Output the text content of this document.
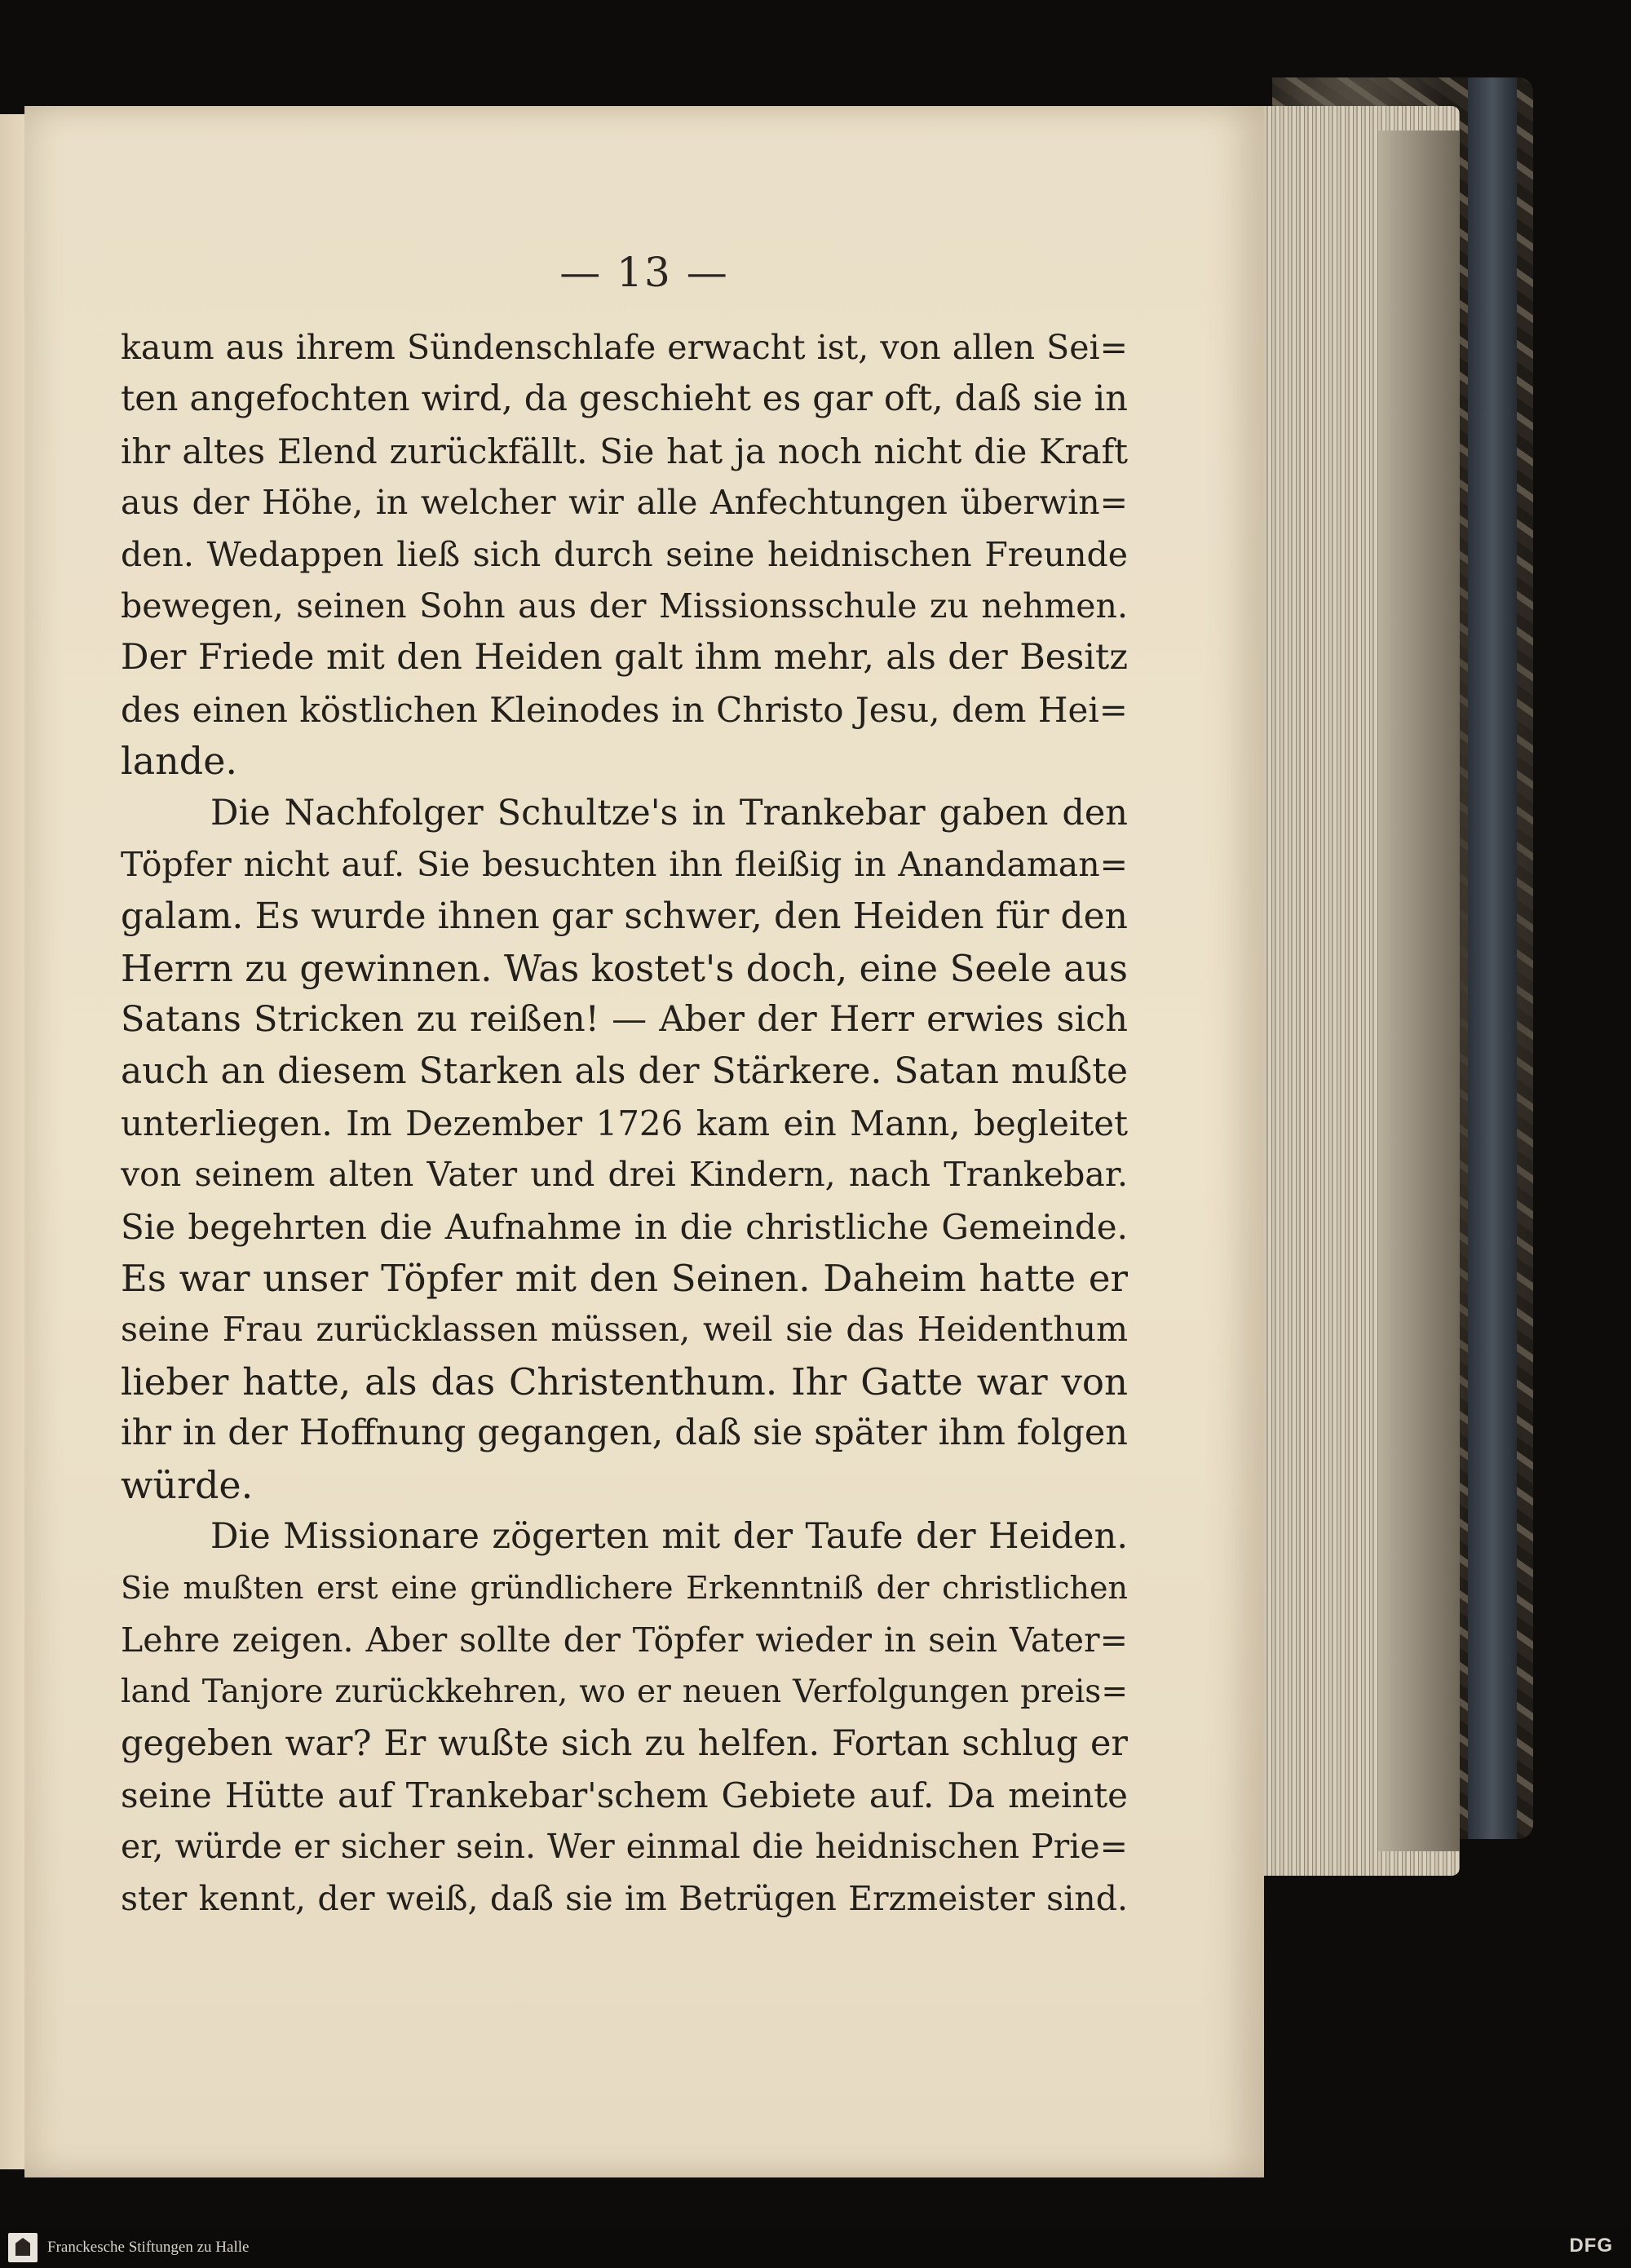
— 13 —
kaum aus ihrem Sündenschlafe erwacht ist, von allen Sei=
ten angefochten wird, da geschieht es gar oft, daß sie in
ihr altes Elend zurückfällt. Sie hat ja noch nicht die Kraft
aus der Höhe, in welcher wir alle Anfechtungen überwin=
den. Wedappen ließ sich durch seine heidnischen Freunde
bewegen, seinen Sohn aus der Missionsschule zu nehmen.
Der Friede mit den Heiden galt ihm mehr, als der Besitz
des einen köstlichen Kleinodes in Christo Jesu, dem Hei=
lande.
Die Nachfolger Schultze's in Trankebar gaben den
Töpfer nicht auf. Sie besuchten ihn fleißig in Anandaman=
galam. Es wurde ihnen gar schwer, den Heiden für den
Herrn zu gewinnen. Was kostet's doch, eine Seele aus
Satans Stricken zu reißen! — Aber der Herr erwies sich
auch an diesem Starken als der Stärkere. Satan mußte
unterliegen. Im Dezember 1726 kam ein Mann, begleitet
von seinem alten Vater und drei Kindern, nach Trankebar.
Sie begehrten die Aufnahme in die christliche Gemeinde.
Es war unser Töpfer mit den Seinen. Daheim hatte er
seine Frau zurücklassen müssen, weil sie das Heidenthum
lieber hatte, als das Christenthum. Ihr Gatte war von
ihr in der Hoffnung gegangen, daß sie später ihm folgen
würde.
Die Missionare zögerten mit der Taufe der Heiden.
Sie mußten erst eine gründlichere Erkenntniß der christlichen
Lehre zeigen. Aber sollte der Töpfer wieder in sein Vater=
land Tanjore zurückkehren, wo er neuen Verfolgungen preis=
gegeben war? Er wußte sich zu helfen. Fortan schlug er
seine Hütte auf Trankebar'schem Gebiete auf. Da meinte
er, würde er sicher sein. Wer einmal die heidnischen Prie=
ster kennt, der weiß, daß sie im Betrügen Erzmeister sind.
Franckesche Stiftungen zu Halle	DFG
